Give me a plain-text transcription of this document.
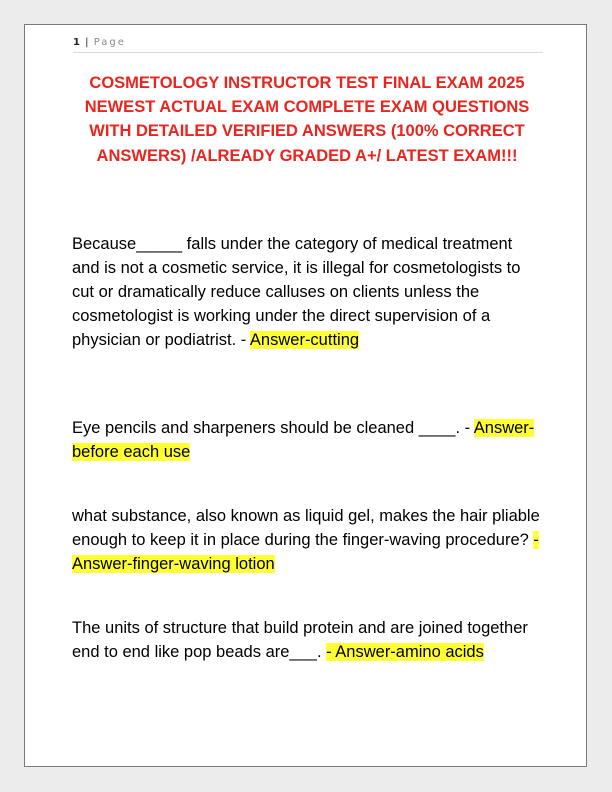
1 | Page
COSMETOLOGY INSTRUCTOR TEST FINAL EXAM 2025 NEWEST ACTUAL EXAM COMPLETE EXAM QUESTIONS WITH DETAILED VERIFIED ANSWERS (100% CORRECT ANSWERS) /ALREADY GRADED A+/ LATEST EXAM!!!
Because_____ falls under the category of medical treatment and is not a cosmetic service, it is illegal for cosmetologists to cut or dramatically reduce calluses on clients unless the cosmetologist is working under the direct supervision of a physician or podiatrist. - Answer-cutting
Eye pencils and sharpeners should be cleaned ____. - Answer-before each use
what substance, also known as liquid gel, makes the hair pliable enough to keep it in place during the finger-waving procedure? - Answer-finger-waving lotion
The units of structure that build protein and are joined together end to end like pop beads are___. - Answer-amino acids
